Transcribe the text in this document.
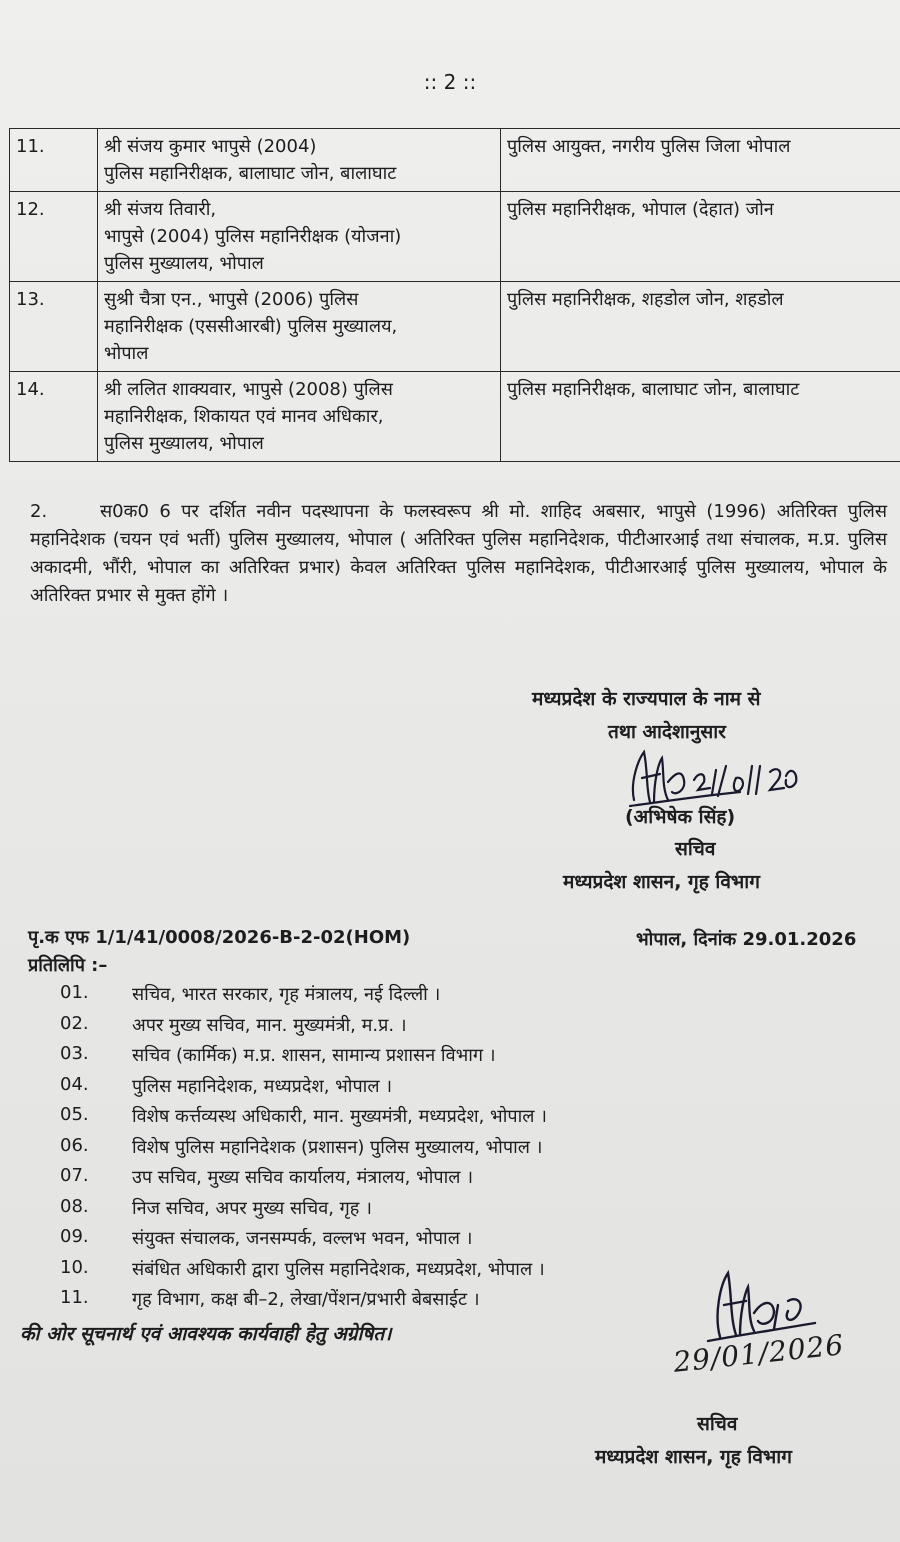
:: 2 ::
11.	श्री संजय कुमार भापुसे (2004)
पुलिस महानिरीक्षक, बालाघाट जोन, बालाघाट	पुलिस आयुक्त, नगरीय पुलिस जिला भोपाल
12.	श्री संजय तिवारी,
भापुसे (2004) पुलिस महानिरीक्षक (योजना)
पुलिस मुख्यालय, भोपाल	पुलिस महानिरीक्षक, भोपाल (देहात) जोन
13.	सुश्री चैत्रा एन., भापुसे (2006) पुलिस
महानिरीक्षक (एससीआरबी) पुलिस मुख्यालय,
भोपाल	पुलिस महानिरीक्षक, शहडोल जोन, शहडोल
14.	श्री ललित शाक्यवार, भापुसे (2008) पुलिस
महानिरीक्षक, शिकायत एवं मानव अधिकार,
पुलिस मुख्यालय, भोपाल	पुलिस महानिरीक्षक, बालाघाट जोन, बालाघाट
2.	स0क0 6 पर दर्शित नवीन पदस्थापना के फलस्वरूप श्री मो. शाहिद अबसार, भापुसे (1996) अतिरिक्त पुलिस महानिदेशक (चयन एवं भर्ती) पुलिस मुख्यालय, भोपाल ( अतिरिक्त पुलिस महानिदेशक, पीटीआरआई तथा संचालक, म.प्र. पुलिस अकादमी, भौंरी, भोपाल का अतिरिक्त प्रभार) केवल अतिरिक्त पुलिस महानिदेशक, पीटीआरआई पुलिस मुख्यालय, भोपाल के अतिरिक्त प्रभार से मुक्त होंगे ।
मध्यप्रदेश के राज्यपाल के नाम से
तथा आदेशानुसार
(अभिषेक सिंह)
सचिव
मध्यप्रदेश शासन, गृह विभाग
पृ.क एफ 1/1/41/0008/2026-B-2-02(HOM)	भोपाल, दिनांक 29.01.2026
प्रतिलिपि :–
01.	सचिव, भारत सरकार, गृह मंत्रालय, नई दिल्ली ।
02.	अपर मुख्य सचिव, मान. मुख्यमंत्री, म.प्र. ।
03.	सचिव (कार्मिक) म.प्र. शासन, सामान्य प्रशासन विभाग ।
04.	पुलिस महानिदेशक, मध्यप्रदेश, भोपाल ।
05.	विशेष कर्त्तव्यस्थ अधिकारी, मान. मुख्यमंत्री, मध्यप्रदेश, भोपाल ।
06.	विशेष पुलिस महानिदेशक (प्रशासन) पुलिस मुख्यालय, भोपाल ।
07.	उप सचिव, मुख्य सचिव कार्यालय, मंत्रालय, भोपाल ।
08.	निज सचिव, अपर मुख्य सचिव, गृह ।
09.	संयुक्त संचालक, जनसम्पर्क, वल्लभ भवन, भोपाल ।
10.	संबंधित अधिकारी द्वारा पुलिस महानिदेशक, मध्यप्रदेश, भोपाल ।
11.	गृह विभाग, कक्ष बी–2, लेखा/पेंशन/प्रभारी बेबसाईट ।
की ओर सूचनार्थ एवं आवश्यक कार्यवाही हेतु अग्रेषित।	29/01/2026
सचिव
मध्यप्रदेश शासन, गृह विभाग
